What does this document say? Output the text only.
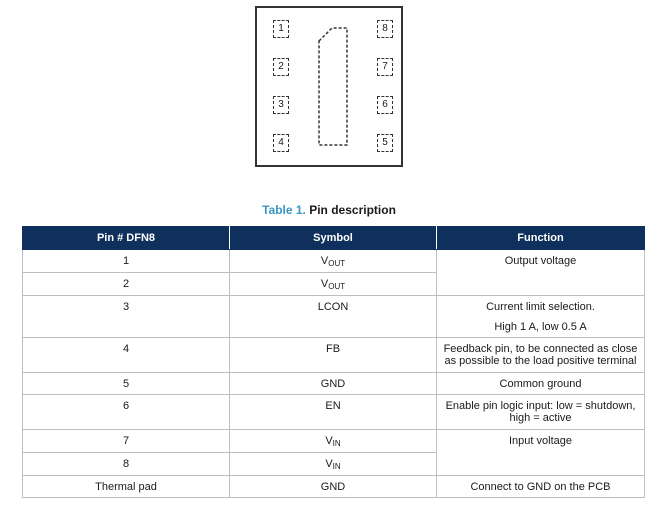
1
2
3
4
8
7
6
5
Table 1. Pin description
Pin # DFN8	Symbol	Function
1	$V_{OUT}$	Output voltage
2	$V_{OUT}$
3	LCON	Current limit selection.
High 1 A, low 0.5 A

4	FB	Feedback pin, to be connected as close as possible to the load positive terminal
5	GND	Common ground
6	EN	Enable pin logic input: low = shutdown, high = active
7	$V_{IN}$	Input voltage
8	$V_{IN}$
Thermal pad	GND	Connect to GND on the PCB
